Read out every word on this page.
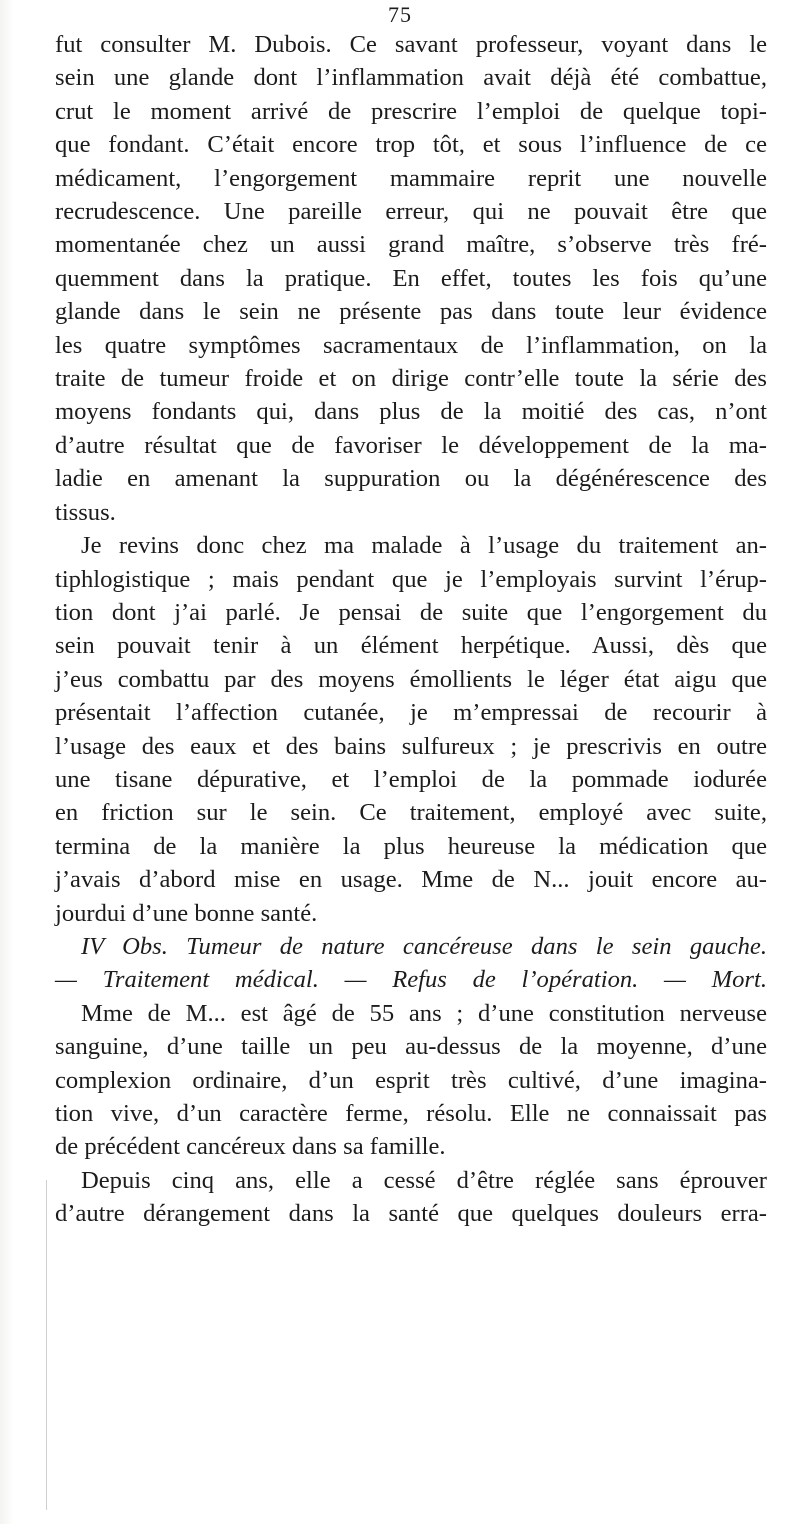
75
fut consulter M. Dubois. Ce savant professeur, voyant dans le
sein une glande dont l’inflammation avait déjà été combattue,
crut le moment arrivé de prescrire l’emploi de quelque topi-
que fondant. C’était encore trop tôt, et sous l’influence de ce
médicament, l’engorgement mammaire reprit une nouvelle
recrudescence. Une pareille erreur, qui ne pouvait être que
momentanée chez un aussi grand maître, s’observe très fré-
quemment dans la pratique. En effet, toutes les fois qu’une
glande dans le sein ne présente pas dans toute leur évidence
les quatre symptômes sacramentaux de l’inflammation, on la
traite de tumeur froide et on dirige contr’elle toute la série des
moyens fondants qui, dans plus de la moitié des cas, n’ont
d’autre résultat que de favoriser le développement de la ma-
ladie en amenant la suppuration ou la dégénérescence des
tissus.
Je revins donc chez ma malade à l’usage du traitement an-
tiphlogistique ; mais pendant que je l’employais survint l’érup-
tion dont j’ai parlé. Je pensai de suite que l’engorgement du
sein pouvait tenir à un élément herpétique. Aussi, dès que
j’eus combattu par des moyens émollients le léger état aigu que
présentait l’affection cutanée, je m’empressai de recourir à
l’usage des eaux et des bains sulfureux ; je prescrivis en outre
une tisane dépurative, et l’emploi de la pommade iodurée
en friction sur le sein. Ce traitement, employé avec suite,
termina de la manière la plus heureuse la médication que
j’avais d’abord mise en usage. Mme de N... jouit encore au-
jourdui d’une bonne santé.
IV Obs. Tumeur de nature cancéreuse dans le sein gauche.
— Traitement médical. — Refus de l’opération. — Mort.
Mme de M... est âgé de 55 ans ; d’une constitution nerveuse
sanguine, d’une taille un peu au-dessus de la moyenne, d’une
complexion ordinaire, d’un esprit très cultivé, d’une imagina-
tion vive, d’un caractère ferme, résolu. Elle ne connaissait pas
de précédent cancéreux dans sa famille.
Depuis cinq ans, elle a cessé d’être réglée sans éprouver
d’autre dérangement dans la santé que quelques douleurs erra-
